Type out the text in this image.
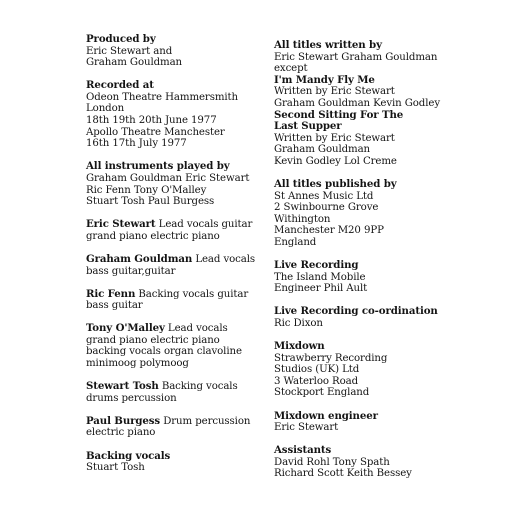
Produced by
Eric Stewart and
Graham Gouldman
Recorded at
Odeon Theatre Hammersmith
London
18th 19th 20th June 1977
Apollo Theatre Manchester
16th 17th July 1977
All instruments played by
Graham Gouldman Eric Stewart
Ric Fenn Tony O'Malley
Stuart Tosh Paul Burgess
Eric Stewart Lead vocals guitar
grand piano electric piano
Graham Gouldman Lead vocals
bass guitar,guitar
Ric Fenn Backing vocals guitar
bass guitar
Tony O'Malley Lead vocals
grand piano electric piano
backing vocals organ clavoline
minimoog polymoog
Stewart Tosh Backing vocals
drums percussion
Paul Burgess Drum percussion
electric piano
Backing vocals
Stuart Tosh
All titles written by
Eric Stewart Graham Gouldman
except
I'm Mandy Fly Me
Written by Eric Stewart
Graham Gouldman Kevin Godley
Second Sitting For The
Last Supper
Written by Eric Stewart
Graham Gouldman
Kevin Godley Lol Creme
All titles published by
St Annes Music Ltd
2 Swinbourne Grove
Withington
Manchester M20 9PP
England
Live Recording
The Island Mobile
Engineer Phil Ault
Live Recording co-ordination
Ric Dixon
Mixdown
Strawberry Recording
Studios (UK) Ltd
3 Waterloo Road
Stockport England
Mixdown engineer
Eric Stewart
Assistants
David Rohl Tony Spath
Richard Scott Keith Bessey
